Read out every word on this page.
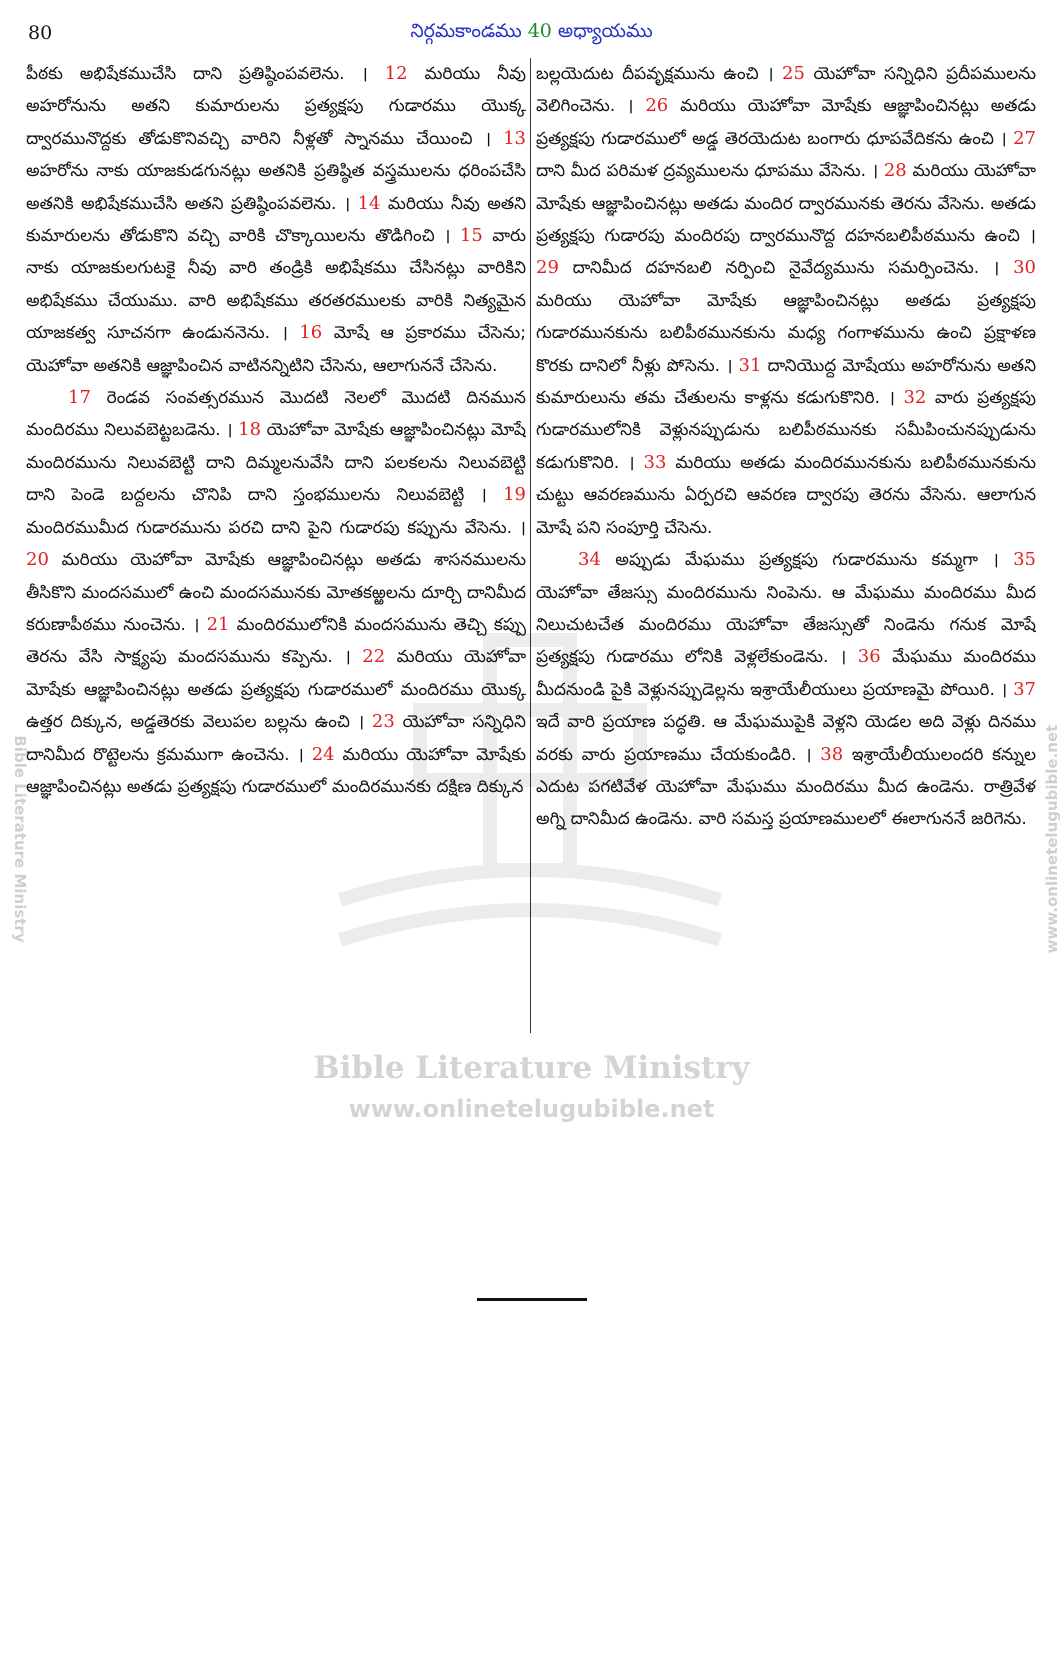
80	నిర్గమకాండము 40 అధ్యాయము

పీఠకు అభిషేకముచేసి దాని ప్రతిష్ఠింపవలెను. । 12 మరియు నీవు అహరోనును అతని కుమారులను ప్రత్యక్షపు గుడారము యొక్క ద్వారమునొద్దకు తోడుకొనివచ్చి వారిని నీళ్లతో స్నానము చేయించి । 13 అహరోను నాకు యాజకుడగునట్లు అతనికి ప్రతిష్ఠిత వస్త్రములను ధరింపచేసి అతనికి అభిషేకముచేసి అతని ప్రతిష్ఠింపవలెను. । 14 మరియు నీవు అతని కుమారులను తోడుకొని వచ్చి వారికి చొక్కాయిలను తొడిగించి । 15 వారు నాకు యాజకులగుటకై నీవు వారి తండ్రికి అభిషేకము చేసినట్లు వారికిని అభిషేకము చేయుము. వారి అభిషేకము తరతరములకు వారికి నిత్యమైన యాజకత్వ సూచనగా ఉండుననెను. । 16 మోషే ఆ ప్రకారము చేసెను; యెహోవా అతనికి ఆజ్ఞాపించిన వాటినన్నిటిని చేసెను, ఆలాగుననే చేసెను.

17 రెండవ సంవత్సరమున మొదటి నెలలో మొదటి దినమున మందిరము నిలువబెట్టబడెను. । 18 యెహోవా మోషేకు ఆజ్ఞాపించినట్లు మోషే మందిరమును నిలువబెట్టి దాని దిమ్మలనువేసి దాని పలకలను నిలువబెట్టి దాని పెండె బద్దలను చొనిపి దాని స్తంభములను నిలువబెట్టి । 19 మందిరముమీద గుడారమును పరచి దాని పైని గుడారపు కప్పును వేసెను. । 20 మరియు యెహోవా మోషేకు ఆజ్ఞాపించినట్లు అతడు శాసనములను తీసికొని మందసములో ఉంచి మందసమునకు మోతకఱ్ఱలను దూర్చి దానిమీద కరుణాపీఠము నుంచెను. । 21 మందిరములోనికి మందసమును తెచ్చి కప్పు తెరను వేసి సాక్ష్యపు మందసమును కప్పెను. । 22 మరియు యెహోవా మోషేకు ఆజ్ఞాపించినట్లు అతడు ప్రత్యక్షపు గుడారములో మందిరము యొక్క ఉత్తర దిక్కున, అడ్డతెరకు వెలుపల బల్లను ఉంచి । 23 యెహోవా సన్నిధిని దానిమీద రొట్టెలను క్రమముగా ఉంచెను. । 24 మరియు యెహోవా మోషేకు ఆజ్ఞాపించినట్లు అతడు ప్రత్యక్షపు గుడారములో మందిరమునకు దక్షిణ దిక్కున

బల్లయెదుట దీపవృక్షమును ఉంచి । 25 యెహోవా సన్నిధిని ప్రదీపములను వెలిగించెను. । 26 మరియు యెహోవా మోషేకు ఆజ్ఞాపించినట్లు అతడు ప్రత్యక్షపు గుడారములో అడ్డ తెరయెదుట బంగారు ధూపవేదికను ఉంచి । 27 దాని మీద పరిమళ ద్రవ్యములను ధూపము వేసెను. । 28 మరియు యెహోవా మోషేకు ఆజ్ఞాపించినట్లు అతడు మందిర ద్వారమునకు తెరను వేసెను. అతడు ప్రత్యక్షపు గుడారపు మందిరపు ద్వారమునొద్ద దహనబలిపీఠమును ఉంచి । 29 దానిమీద దహనబలి నర్పించి నైవేద్యమును సమర్పించెను. । 30 మరియు యెహోవా మోషేకు ఆజ్ఞాపించినట్లు అతడు ప్రత్యక్షపు గుడారమునకును బలిపీఠమునకును మధ్య గంగాళమును ఉంచి ప్రక్షాళణ కొరకు దానిలో నీళ్లు పోసెను. । 31 దానియొద్ద మోషేయు అహరోనును అతని కుమారులును తమ చేతులను కాళ్లను కడుగుకొనిరి. । 32 వారు ప్రత్యక్షపు గుడారములోనికి వెళ్లునప్పుడును బలిపీఠమునకు సమీపించునప్పుడును కడుగుకొనిరి. । 33 మరియు అతడు మందిరమునకును బలిపీఠమునకును చుట్టు ఆవరణమును ఏర్పరచి ఆవరణ ద్వారపు తెరను వేసెను. ఆలాగున మోషే పని సంపూర్తి చేసెను.

34 అప్పుడు మేఘము ప్రత్యక్షపు గుడారమును కమ్మగా । 35 యెహోవా తేజస్సు మందిరమును నింపెను. ఆ మేఘము మందిరము మీద నిలుచుటచేత మందిరము యెహోవా తేజస్సుతో నిండెను గనుక మోషే ప్రత్యక్షపు గుడారము లోనికి వెళ్లలేకుండెను. । 36 మేఘము మందిరము మీదనుండి పైకి వెళ్లునప్పుడెల్లను ఇశ్రాయేలీయులు ప్రయాణమై పోయిరి. । 37 ఇదే వారి ప్రయాణ పద్ధతి. ఆ మేఘముపైకి వెళ్లని యెడల అది వెళ్లు దినము వరకు వారు ప్రయాణము చేయకుండిరి. । 38 ఇశ్రాయేలీయులందరి కన్నుల ఎదుట పగటివేళ యెహోవా మేఘము మందిరము మీద ఉండెను. రాత్రివేళ అగ్ని దానిమీద ఉండెను. వారి సమస్త ప్రయాణములలో ఈలాగుననే జరిగెను.

Bible Literature Ministry
www.onlinetelugubible.net
Bible Literature Ministry	www.onlinetelugubible.net
